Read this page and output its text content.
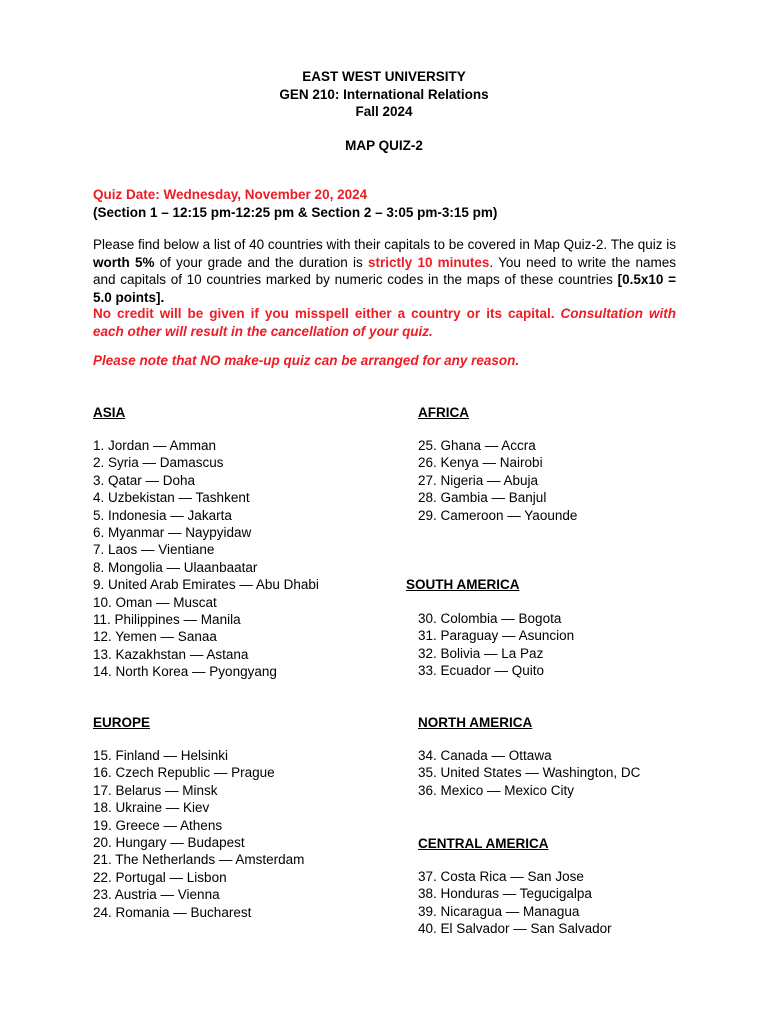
EAST WEST UNIVERSITY
GEN 210: International Relations
Fall 2024
MAP QUIZ-2
Quiz Date: Wednesday, November 20, 2024
(Section 1 – 12:15 pm-12:25 pm & Section 2 – 3:05 pm-3:15 pm)
Please find below a list of 40 countries with their capitals to be covered in Map Quiz-2. The quiz is worth 5% of your grade and the duration is strictly 10 minutes. You need to write the names and capitals of 10 countries marked by numeric codes in the maps of these countries [0.5x10 = 5.0 points].
No credit will be given if you misspell either a country or its capital. Consultation with each other will result in the cancellation of your quiz.
Please note that NO make-up quiz can be arranged for any reason.
ASIA
1. Jordan — Amman
2. Syria — Damascus
3. Qatar — Doha
4. Uzbekistan — Tashkent
5. Indonesia — Jakarta
6. Myanmar — Naypyidaw
7. Laos — Vientiane
8. Mongolia — Ulaanbaatar
9. United Arab Emirates — Abu Dhabi
10. Oman — Muscat
11. Philippines — Manila
12. Yemen — Sanaa
13. Kazakhstan — Astana
14. North Korea — Pyongyang
EUROPE
15. Finland — Helsinki
16. Czech Republic — Prague
17. Belarus — Minsk
18. Ukraine — Kiev
19. Greece — Athens
20. Hungary — Budapest
21. The Netherlands — Amsterdam
22. Portugal — Lisbon
23. Austria — Vienna
24. Romania — Bucharest
AFRICA
25. Ghana — Accra
26. Kenya — Nairobi
27. Nigeria — Abuja
28. Gambia — Banjul
29. Cameroon — Yaounde
SOUTH AMERICA
30. Colombia — Bogota
31. Paraguay — Asuncion
32. Bolivia — La Paz
33. Ecuador — Quito
NORTH AMERICA
34. Canada — Ottawa
35. United States — Washington, DC
36. Mexico — Mexico City
CENTRAL AMERICA
37. Costa Rica — San Jose
38. Honduras — Tegucigalpa
39. Nicaragua — Managua
40. El Salvador — San Salvador
